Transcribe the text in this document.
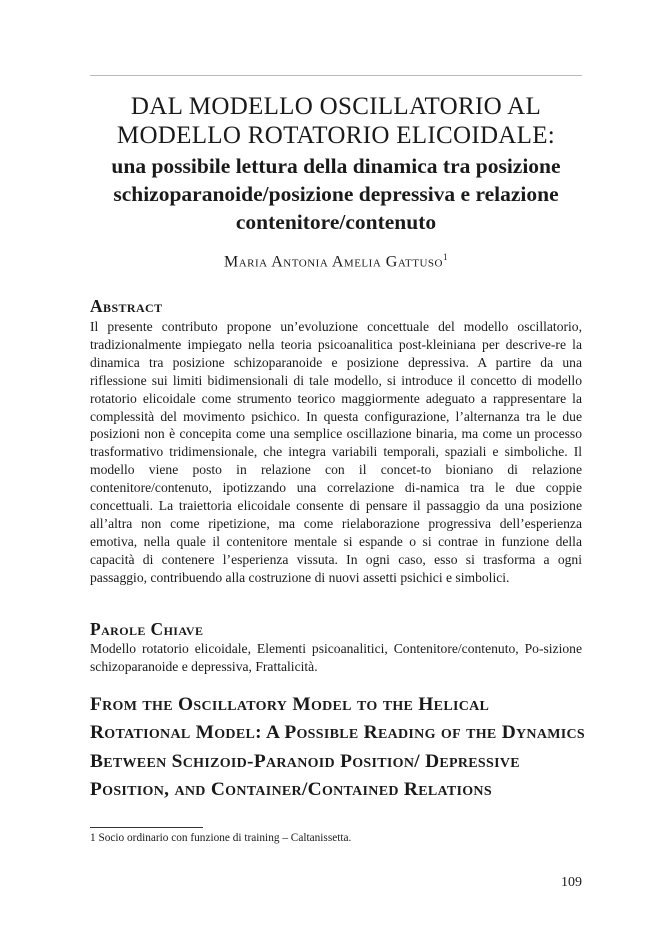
DAL MODELLO OSCILLATORIO AL

MODELLO ROTATORIO ELICOIDALE:

una possibile lettura della dinamica tra posizione schizoparanoide/posizione depressiva e relazione contenitore/contenuto

Maria Antonia Amelia Gattuso$^1$
Abstract

Il presente contributo propone un’evoluzione concettuale del modello oscillatorio, tradizionalmente impiegato nella teoria psicoanalitica post-kleiniana per descrive-re la dinamica tra posizione schizoparanoide e posizione depressiva. A partire da una riflessione sui limiti bidimensionali di tale modello, si introduce il concetto di modello rotatorio elicoidale come strumento teorico maggiormente adeguato a rappresentare la complessità del movimento psichico. In questa configurazione, l’alternanza tra le due posizioni non è concepita come una semplice oscillazione binaria, ma come un processo trasformativo tridimensionale, che integra variabili temporali, spaziali e simboliche. Il modello viene posto in relazione con il concet-to bioniano di relazione contenitore/contenuto, ipotizzando una correlazione di-namica tra le due coppie concettuali. La traiettoria elicoidale consente di pensare il passaggio da una posizione all’altra non come ripetizione, ma come rielaborazione progressiva dell’esperienza emotiva, nella quale il contenitore mentale si espande o si contrae in funzione della capacità di contenere l’esperienza vissuta. In ogni caso, esso si trasforma a ogni passaggio, contribuendo alla costruzione di nuovi assetti psichici e simbolici.

Parole Chiave

Modello rotatorio elicoidale, Elementi psicoanalitici, Contenitore/contenuto, Po-sizione schizoparanoide e depressiva, Frattalicità.

From the Oscillatory Model to the Helical Rotational Model: A Possible Reading of the Dynamics Between Schizoid-Paranoid Position/ Depressive Position, and Container/Contained Relations

1 Socio ordinario con funzione di training – Caltanissetta.

109
